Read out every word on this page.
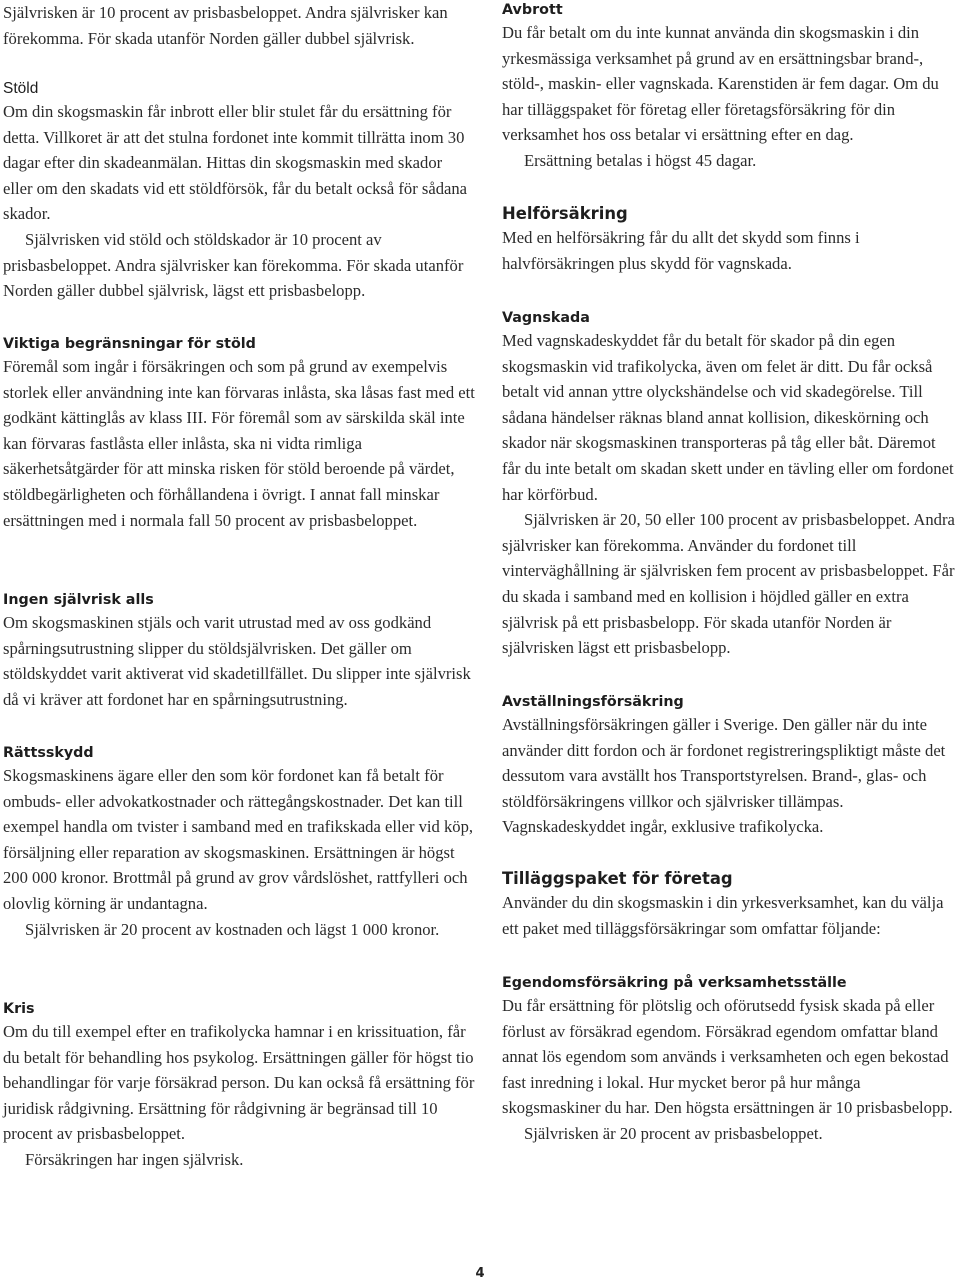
Självrisken är 10 procent av prisbasbeloppet. Andra självrisker kan förekomma. För skada utanför Norden gäller dubbel självrisk.

Stöld

Om din skogsmaskin får inbrott eller blir stulet får du ersättning för detta. Villkoret är att det stulna fordonet inte kommit tillrätta inom 30 dagar efter din skadeanmälan. Hittas din skogsmaskin med skador eller om den skadats vid ett stöldförsök, får du betalt också för sådana skador.

Självrisken vid stöld och stöldskador är 10 procent av prisbasbeloppet. Andra självrisker kan förekomma. För skada utanför Norden gäller dubbel självrisk, lägst ett prisbasbelopp.

Viktiga begränsningar för stöld

Föremål som ingår i försäkringen och som på grund av exempelvis storlek eller användning inte kan förvaras inlåsta, ska låsas fast med ett godkänt kättinglås av klass III. För föremål som av särskilda skäl inte kan förvaras fastlåsta eller inlåsta, ska ni vidta rimliga säkerhetsåtgärder för att minska risken för stöld beroende på värdet, stöldbegärligheten och förhållandena i övrigt. I annat fall minskar ersättningen med i normala fall 50 procent av prisbasbeloppet.

Ingen självrisk alls

Om skogsmaskinen stjäls och varit utrustad med av oss godkänd spårningsutrustning slipper du stöldsjälvrisken. Det gäller om stöldskyddet varit aktiverat vid skadetillfället. Du slipper inte självrisk då vi kräver att fordonet har en spårningsutrustning.

Rättsskydd

Skogsmaskinens ägare eller den som kör fordonet kan få betalt för ombuds- eller advokatkostnader och rättegångskostnader. Det kan till exempel handla om tvister i samband med en trafikskada eller vid köp, försäljning eller reparation av skogsmaskinen. Ersättningen är högst 200 000 kronor. Brottmål på grund av grov vårdslöshet, rattfylleri och olovlig körning är undantagna.

Självrisken är 20 procent av kostnaden och lägst 1 000 kronor.

Kris

Om du till exempel efter en trafikolycka hamnar i en krissituation, får du betalt för behandling hos psykolog. Ersättningen gäller för högst tio behandlingar för varje försäkrad person. Du kan också få ersättning för juridisk rådgivning. Ersättning för rådgivning är begränsad till 10 procent av prisbasbeloppet.

Försäkringen har ingen självrisk.

Avbrott

Du får betalt om du inte kunnat använda din skogsmaskin i din yrkesmässiga verksamhet på grund av en ersättningsbar brand-, stöld-, maskin- eller vagnskada. Karenstiden är fem dagar. Om du har tilläggspaket för företag eller företagsförsäkring för din verksamhet hos oss betalar vi ersättning efter en dag.

Ersättning betalas i högst 45 dagar.

Helförsäkring

Med en helförsäkring får du allt det skydd som finns i halvförsäkringen plus skydd för vagnskada.

Vagnskada

Med vagnskadeskyddet får du betalt för skador på din egen skogsmaskin vid trafikolycka, även om felet är ditt. Du får också betalt vid annan yttre olyckshändelse och vid skadegörelse. Till sådana händelser räknas bland annat kollision, dikeskörning och skador när skogsmaskinen transporteras på tåg eller båt. Däremot får du inte betalt om skadan skett under en tävling eller om fordonet har körförbud.

Självrisken är 20, 50 eller 100 procent av prisbasbeloppet. Andra självrisker kan förekomma. Använder du fordonet till vinterväghållning är självrisken fem procent av prisbasbeloppet. Får du skada i samband med en kollision i höjdled gäller en extra självrisk på ett prisbasbelopp. För skada utanför Norden är självrisken lägst ett prisbasbelopp.

Avställningsförsäkring

Avställningsförsäkringen gäller i Sverige. Den gäller när du inte använder ditt fordon och är fordonet registreringspliktigt måste det dessutom vara avställt hos Transportstyrelsen. Brand-, glas- och stöldförsäkringens villkor och självrisker tillämpas. Vagnskadeskyddet ingår, exklusive trafikolycka.

Tilläggspaket för företag

Använder du din skogsmaskin i din yrkesverksamhet, kan du välja ett paket med tilläggsförsäkringar som omfattar följande:

Egendomsförsäkring på verksamhetsställe

Du får ersättning för plötslig och oförutsedd fysisk skada på eller förlust av försäkrad egendom. Försäkrad egendom omfattar bland annat lös egendom som används i verksamheten och egen bekostad fast inredning i lokal. Hur mycket beror på hur många skogsmaskiner du har. Den högsta ersättningen är 10 prisbasbelopp.

Självrisken är 20 procent av prisbasbeloppet.

4
